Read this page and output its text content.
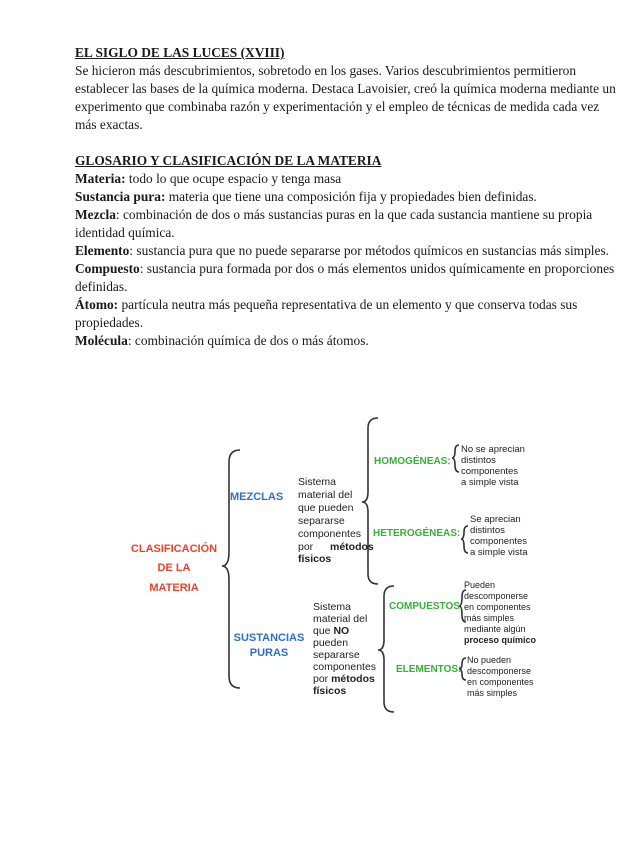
EL SIGLO DE LAS LUCES (XVIII)

Se hicieron más descubrimientos, sobretodo en los gases. Varios descubrimientos permitieron establecer las bases de la química moderna. Destaca Lavoisier, creó la química moderna mediante un experimento que combinaba razón y experimentación y el empleo de técnicas de medida cada vez más exactas.

GLOSARIO Y CLASIFICACIÓN DE LA MATERIA

Materia: todo lo que ocupe espacio y tenga masa

Sustancia pura: materia que tiene una composición fija y propiedades bien definidas.

Mezcla: combinación de dos o más sustancias puras en la que cada sustancia mantiene su propia identidad química.

Elemento: sustancia pura que no puede separarse por métodos químicos en sustancias más simples.

Compuesto: sustancia pura formada por dos o más elementos unidos químicamente en proporciones definidas.

Átomo: partícula neutra más pequeña representativa de un elemento y que conserva todas sus propiedades.

Molécula: combinación química de dos o más átomos.

CLASIFICACIÓN
DE LA
MATERIA
MEZCLAS
Sistema
material del
que pueden
separarse
componentes
por métodos
físicos
HOMOGÉNEAS:
HETEROGÉNEAS:
No se aprecian
distintos
componentes
a simple vista
Se aprecian
distintos
componentes
a simple vista
SUSTANCIAS
PURAS
Sistema
material del
que NO
pueden
separarse
componentes
por métodos
físicos
COMPUESTOS
ELEMENTOS:
Pueden
descomponerse
en componentes
más simples
mediante algún
proceso químico
No pueden
descomponerse
en componentes
más simples
